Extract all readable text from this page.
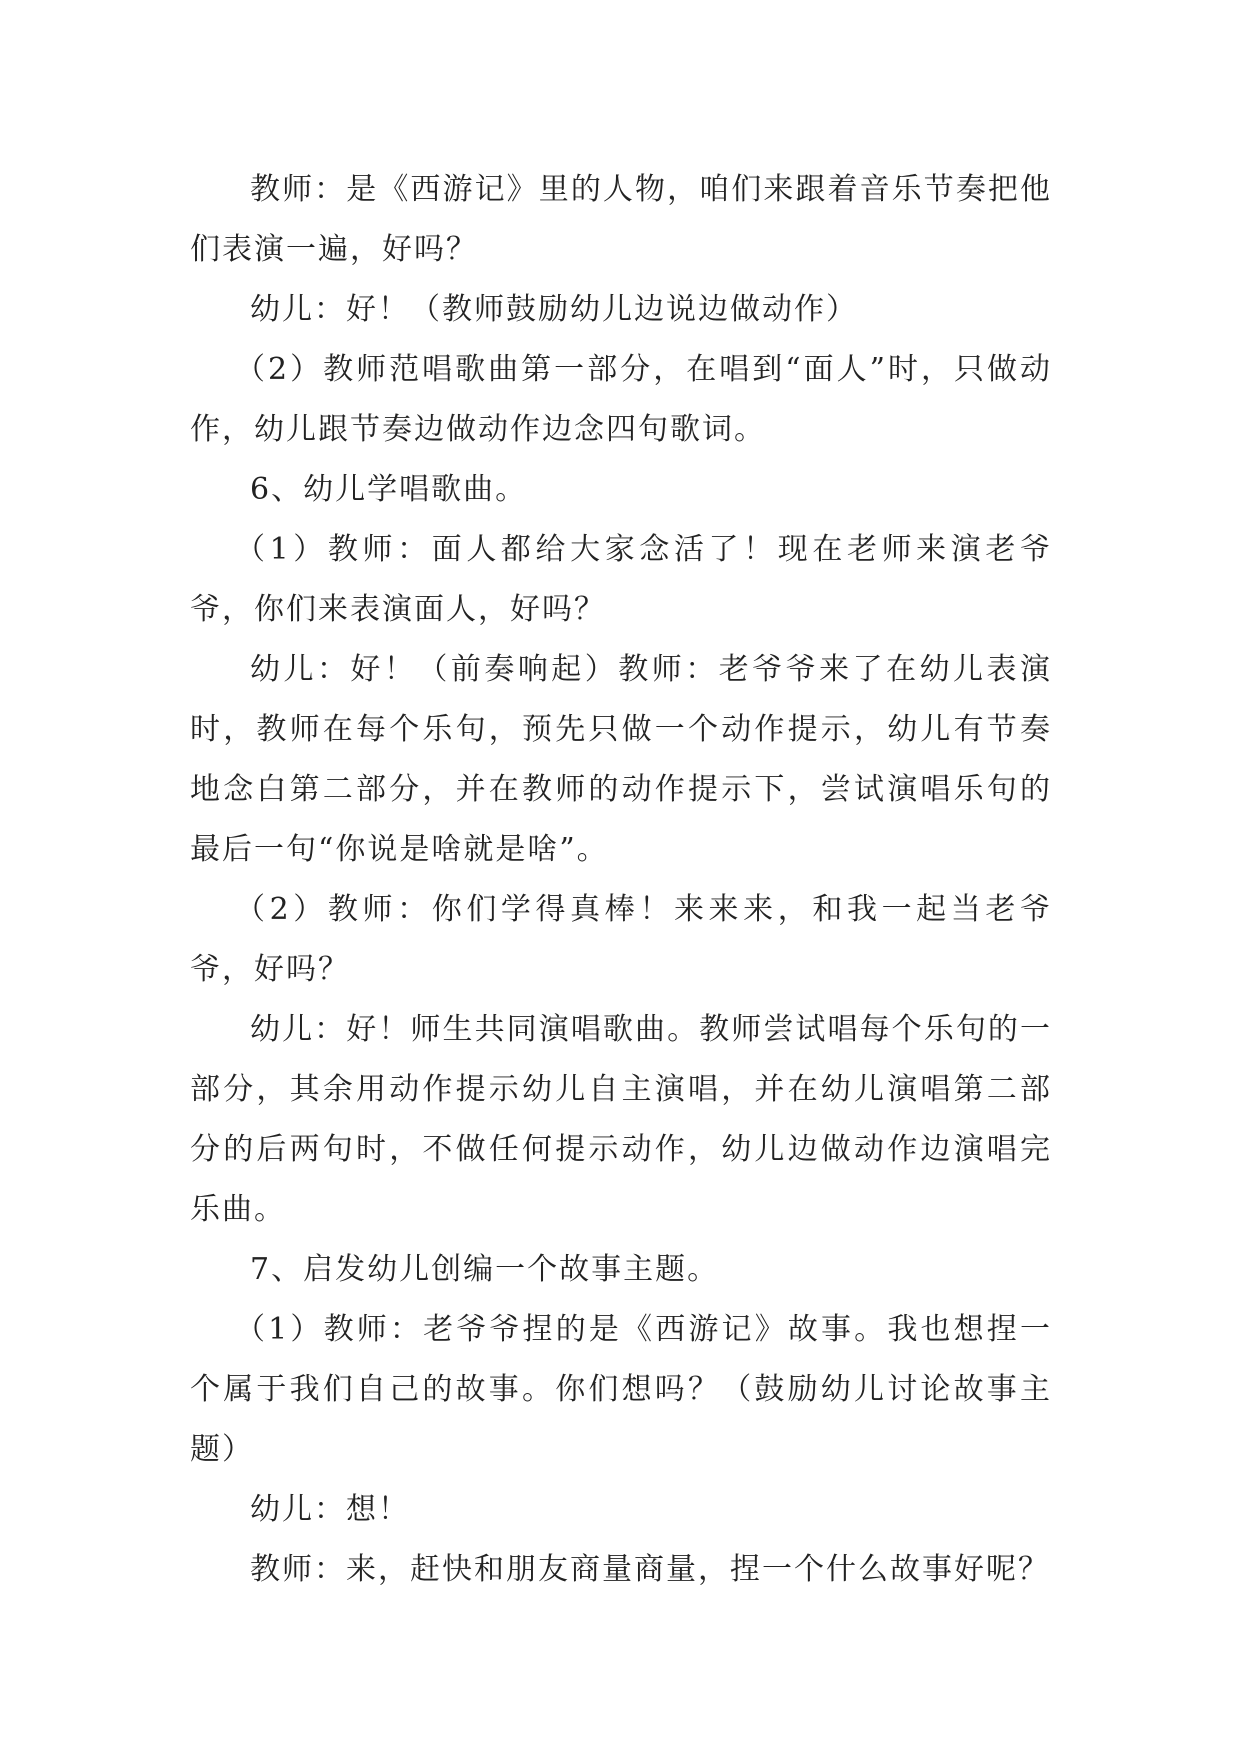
教师：是《西游记》里的人物，咱们来跟着音乐节奏把他们表演一遍，好吗？

幼儿：好！（教师鼓励幼儿边说边做动作）

（2）教师范唱歌曲第一部分，在唱到“面人”时，只做动作，幼儿跟节奏边做动作边念四句歌词。

6、幼儿学唱歌曲。

（1）教师：面人都给大家念活了！现在老师来演老爷爷，你们来表演面人，好吗？

幼儿：好！（前奏响起）教师：老爷爷来了在幼儿表演时，教师在每个乐句，预先只做一个动作提示，幼儿有节奏地念白第二部分，并在教师的动作提示下，尝试演唱乐句的最后一句“你说是啥就是啥”。

（2）教师：你们学得真棒！来来来，和我一起当老爷爷，好吗？

幼儿：好！师生共同演唱歌曲。教师尝试唱每个乐句的一部分，其余用动作提示幼儿自主演唱，并在幼儿演唱第二部分的后两句时，不做任何提示动作，幼儿边做动作边演唱完乐曲。

7、启发幼儿创编一个故事主题。

（1）教师：老爷爷捏的是《西游记》故事。我也想捏一个属于我们自己的故事。你们想吗？（鼓励幼儿讨论故事主题）

幼儿：想！

教师：来，赶快和朋友商量商量，捏一个什么故事好呢？
